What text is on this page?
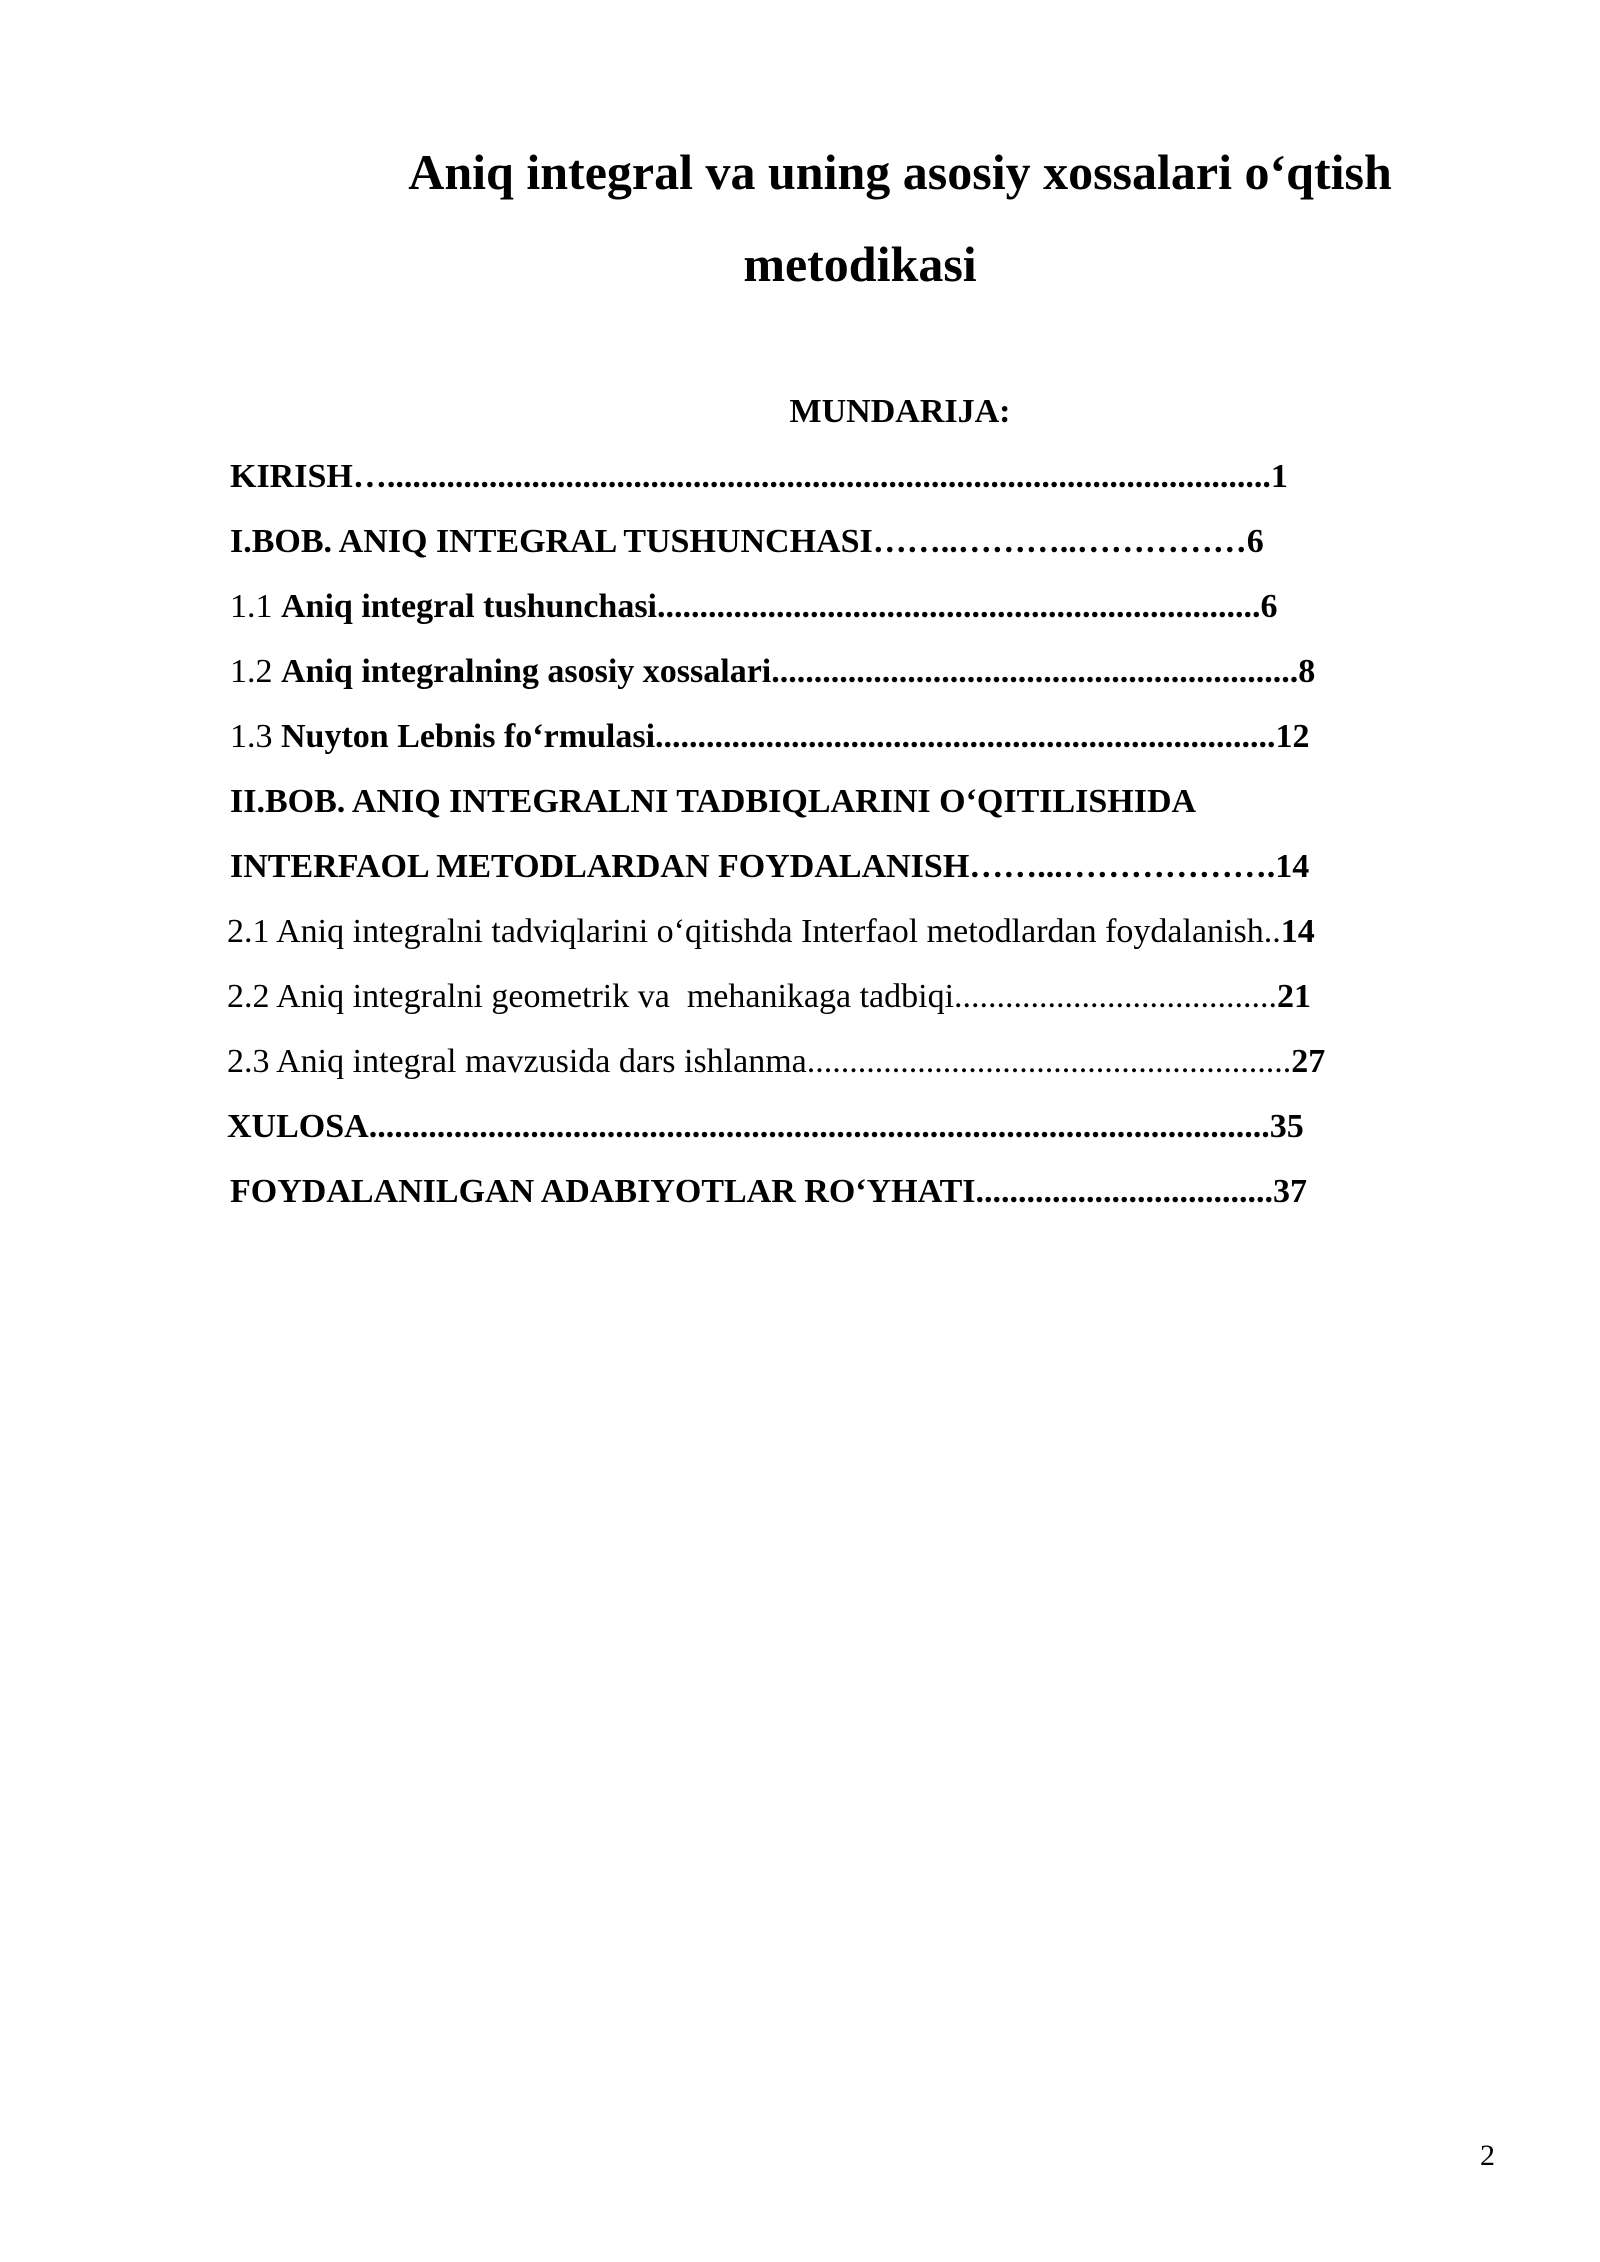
Aniq integral va uning asosiy xossalari o‘qtish
metodikasi
MUNDARIJA:
KIRISH…........................................................................................................1
I.BOB. ANIQ INTEGRAL TUSHUNCHASI……..………..……………6
1.1 Aniq integral tushunchasi.......................................................................6
1.2 Aniq integralning asosiy xossalari..............................................................8
1.3 Nuyton Lebnis fo‘rmulasi.........................................................................12
II.BOB. ANIQ INTEGRALNI TADBIQLARINI O‘QITILISHIDA
INTERFAOL METODLARDAN FOYDALANISH……...……………….14
2.1 Aniq integralni tadviqlarini o‘qitishda Interfaol metodlardan foydalanish..14
2.2 Aniq integralni geometrik va  mehanikaga tadbiqi......................................21
2.3 Aniq integral mavzusida dars ishlanma.........................................................27
XULOSA..........................................................................................................35
FOYDALANILGAN ADABIYOTLAR RO‘YHATI...................................37
2
